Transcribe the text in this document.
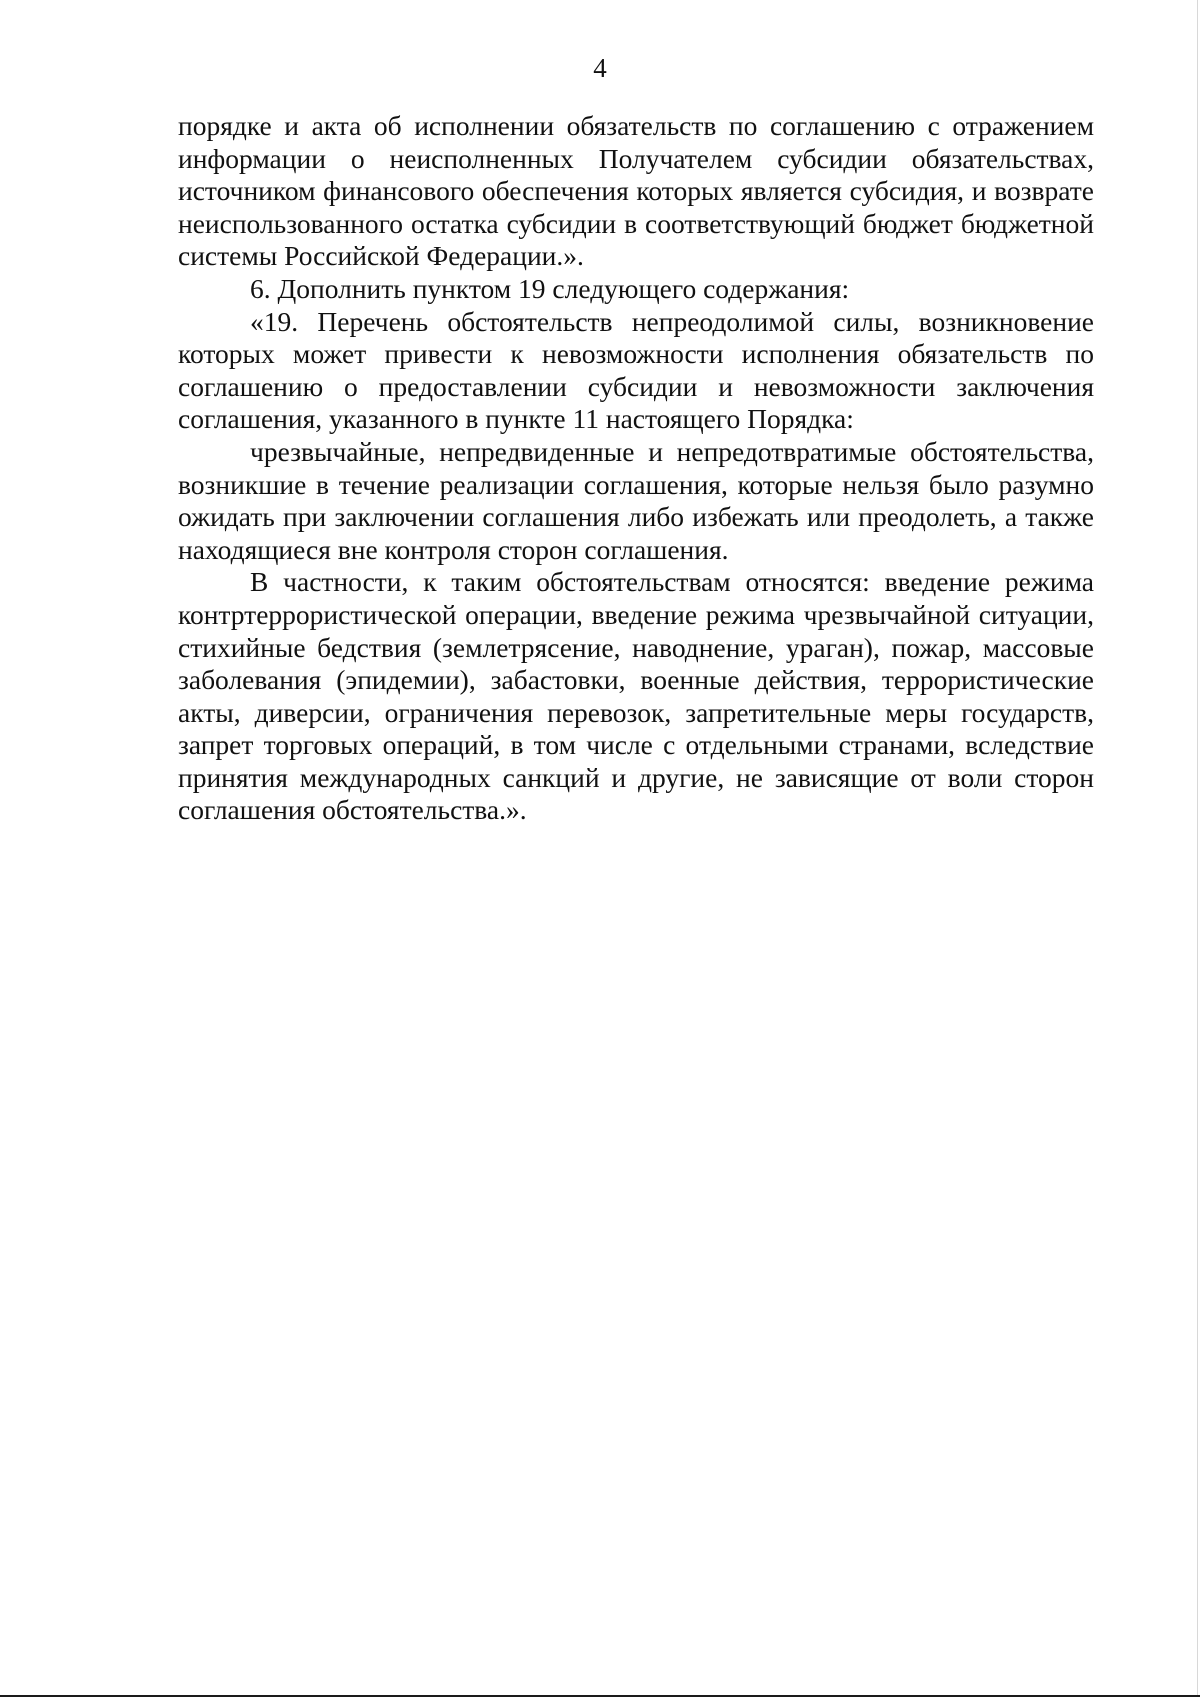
4

порядке и акта об исполнении обязательств по соглашению с отражением информации о неисполненных Получателем субсидии обязательствах, источником финансового обеспечения которых является субсидия, и возврате неиспользованного остатка субсидии в соответствующий бюджет бюджетной системы Российской Федерации.».

6. Дополнить пунктом 19 следующего содержания:

«19. Перечень обстоятельств непреодолимой силы, возникновение которых может привести к невозможности исполнения обязательств по соглашению о предоставлении субсидии и невозможности заключения соглашения, указанного в пункте 11 настоящего Порядка:

чрезвычайные, непредвиденные и непредотвратимые обстоятельства, возникшие в течение реализации соглашения, которые нельзя было разумно ожидать при заключении соглашения либо избежать или преодолеть, а также находящиеся вне контроля сторон соглашения.

В частности, к таким обстоятельствам относятся: введение режима контртеррористической операции, введение режима чрезвычайной ситуации, стихийные бедствия (землетрясение, наводнение, ураган), пожар, массовые заболевания (эпидемии), забастовки, военные действия, террористические акты, диверсии, ограничения перевозок, запретительные меры государств, запрет торговых операций, в том числе с отдельными странами, вследствие принятия международных санкций и другие, не зависящие от воли сторон соглашения обстоятельства.».
